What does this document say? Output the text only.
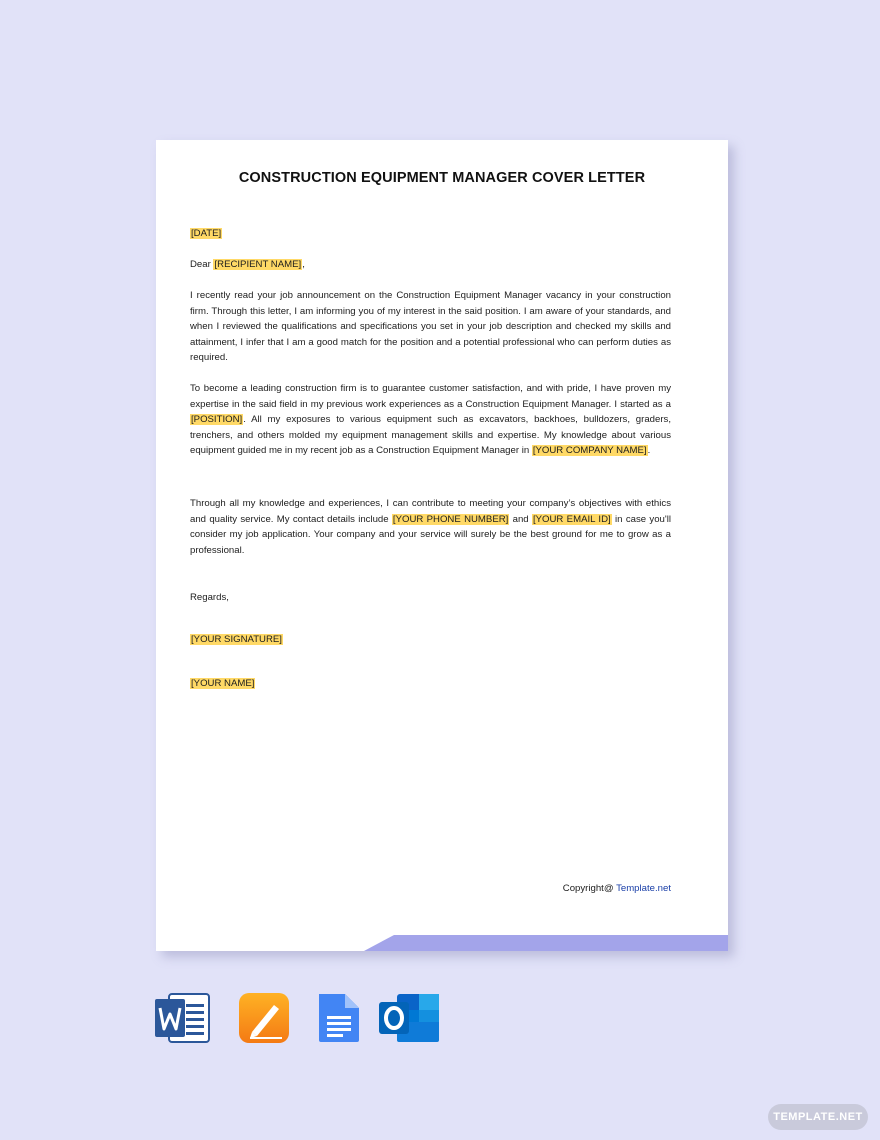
CONSTRUCTION EQUIPMENT MANAGER COVER LETTER
[DATE]
Dear [RECIPIENT NAME],
I recently read your job announcement on the Construction Equipment Manager vacancy in your construction firm. Through this letter, I am informing you of my interest in the said position. I am aware of your standards, and when I reviewed the qualifications and specifications you set in your job description and checked my skills and attainment, I infer that I am a good match for the position and a potential professional who can perform duties as required.
To become a leading construction firm is to guarantee customer satisfaction, and with pride, I have proven my expertise in the said field in my previous work experiences as a Construction Equipment Manager. I started as a [POSITION]. All my exposures to various equipment such as excavators, backhoes, bulldozers, graders, trenchers, and others molded my equipment management skills and expertise. My knowledge about various equipment guided me in my recent job as a Construction Equipment Manager in [YOUR COMPANY NAME].
Through all my knowledge and experiences, I can contribute to meeting your company’s objectives with ethics and quality service. My contact details include [YOUR PHONE NUMBER] and [YOUR EMAIL ID] in case you'll consider my job application. Your company and your service will surely be the best ground for me to grow as a professional.
Regards,
[YOUR SIGNATURE]
[YOUR NAME]
Copyright@ Template.net
TEMPLATE.NET
